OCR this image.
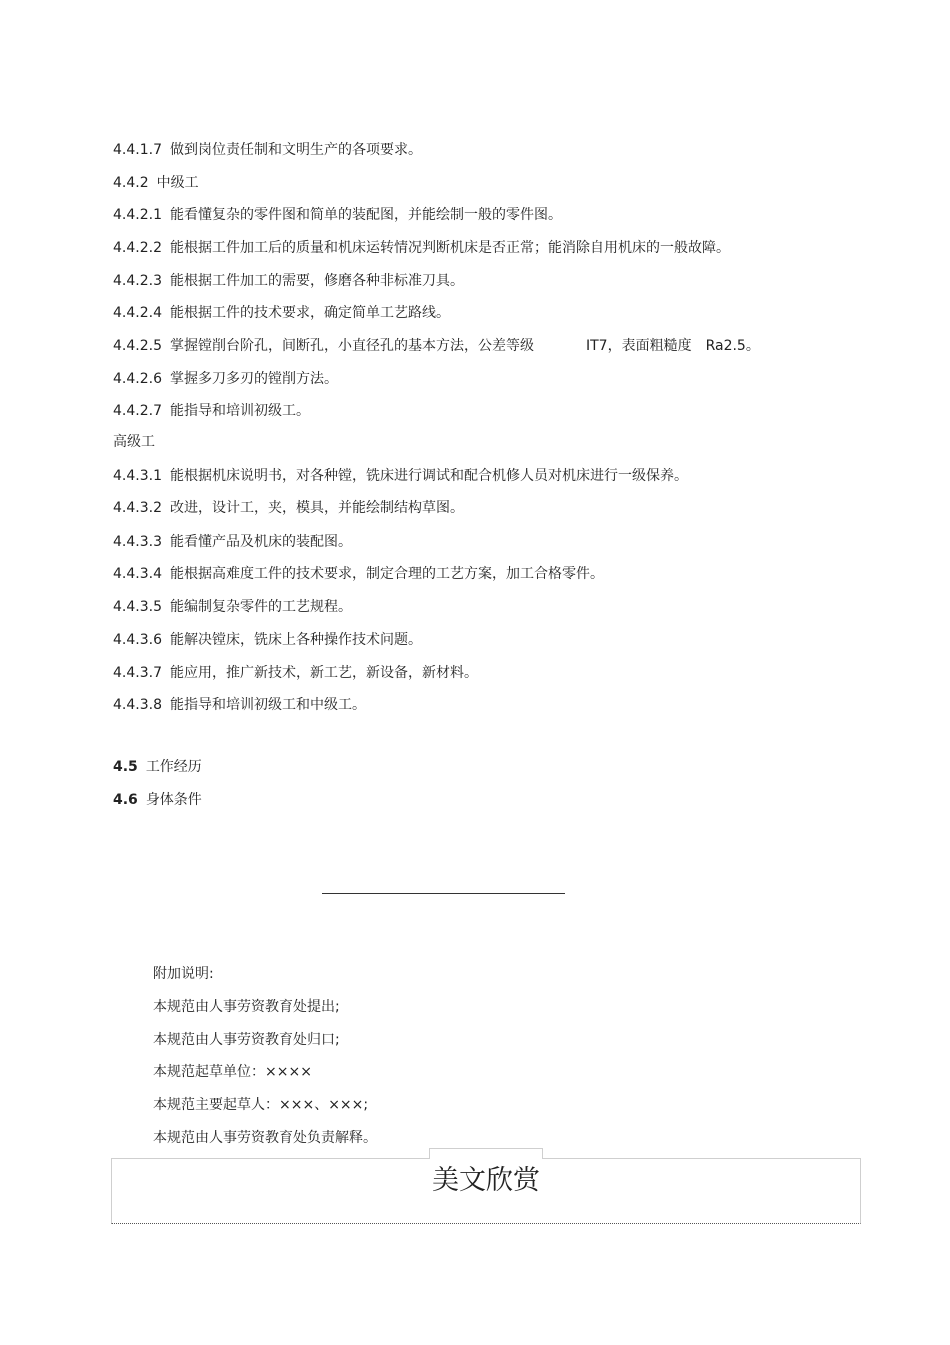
4.4.1.7 做到岗位责任制和文明生产的各项要求。
4.4.2 中级工
4.4.2.1 能看懂复杂的零件图和简单的装配图，并能绘制一般的零件图。
4.4.2.2 能根据工件加工后的质量和机床运转情况判断机床是否正常；能消除自用机床的一般故障。
4.4.2.3 能根据工件加工的需要，修磨各种非标准刀具。
4.4.2.4 能根据工件的技术要求，确定简单工艺路线。
4.4.2.5 掌握镗削台阶孔，间断孔，小直径孔的基本方法，公差等级	IT7，表面粗糙度 Ra2.5。
4.4.2.6 掌握多刀多刃的镗削方法。
4.4.2.7 能指导和培训初级工。
高级工
4.4.3.1 能根据机床说明书，对各种镗，铣床进行调试和配合机修人员对机床进行一级保养。
4.4.3.2 改进，设计工，夹，模具，并能绘制结构草图。
4.4.3.3 能看懂产品及机床的装配图。
4.4.3.4 能根据高难度工件的技术要求，制定合理的工艺方案，加工合格零件。
4.4.3.5 能编制复杂零件的工艺规程。
4.4.3.6 能解决镗床，铣床上各种操作技术问题。
4.4.3.7 能应用，推广新技术，新工艺，新设备，新材料。
4.4.3.8 能指导和培训初级工和中级工。
4.5 工作经历
4.6 身体条件
附加说明:
本规范由人事劳资教育处提出;
本规范由人事劳资教育处归口;
本规范起草单位：××××
本规范主要起草人：×××、×××;
本规范由人事劳资教育处负责解释。
美文欣赏
